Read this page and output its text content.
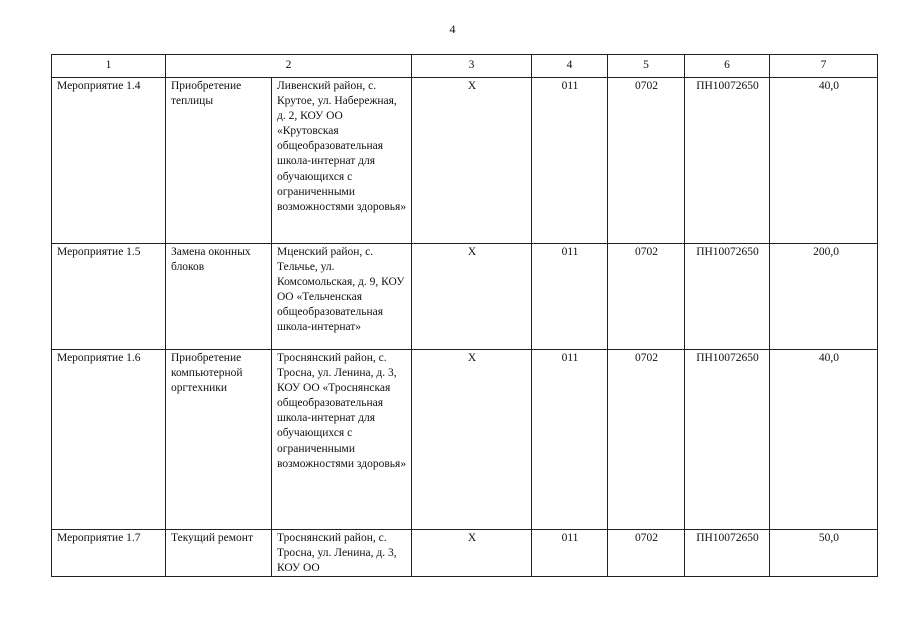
4
1	2		3	4	5	6	7
Мероприятие 1.4	Приобретение теплицы	Ливенский район, с. Крутое, ул. Набережная, д. 2, КОУ ОО «Крутовская общеобразовательная школа-интернат для обучающихся с ограниченными возможностями здоровья»	Х	011	0702	ПН10072650	40,0
Мероприятие 1.5	Замена оконных блоков	Мценский район, с. Тельчье, ул. Комсомольская, д. 9, КОУ ОО «Тельченская общеобразовательная школа-интернат»	Х	011	0702	ПН10072650	200,0
Мероприятие 1.6	Приобретение компьютерной оргтехники	Троснянский район, с. Тросна, ул. Ленина, д. 3, КОУ ОО «Троснянская общеобразовательная школа-интернат для обучающихся с ограниченными возможностями здоровья»	Х	011	0702	ПН10072650	40,0
Мероприятие 1.7	Текущий ремонт	Троснянский район, с. Тросна, ул. Ленина, д. 3, КОУ ОО	Х	011	0702	ПН10072650	50,0
